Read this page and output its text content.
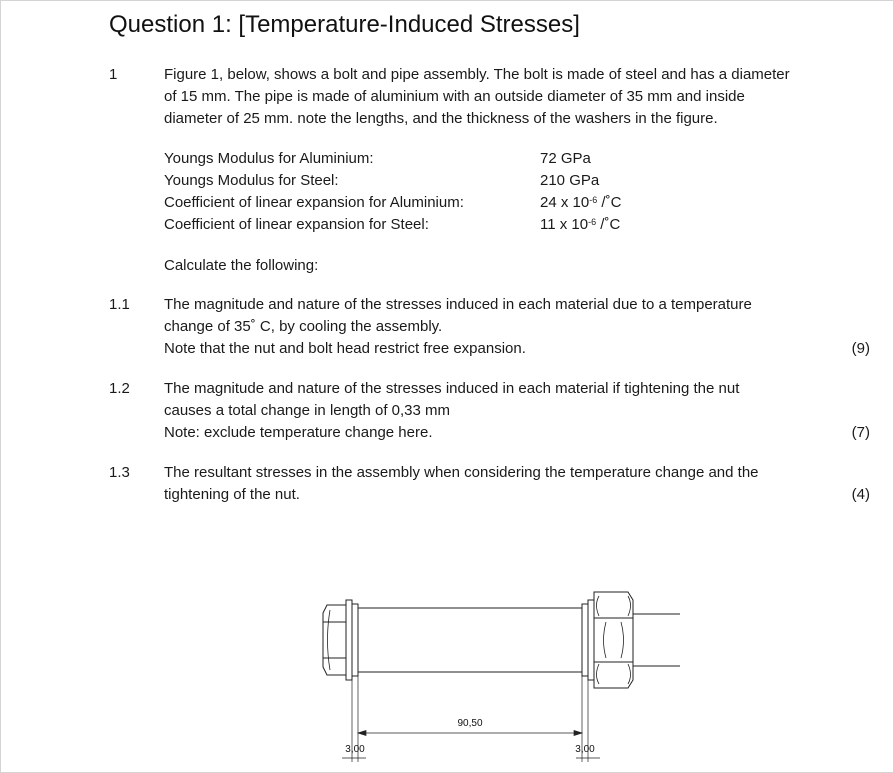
Question 1: [Temperature-Induced Stresses]
1	Figure 1, below, shows a bolt and pipe assembly. The bolt is made of steel and has a diameter
of 15 mm. The pipe is made of aluminium with an outside diameter of 35 mm and inside
diameter of 25 mm. note the lengths, and the thickness of the washers in the figure.
Youngs Modulus for Aluminium:	72 GPa
Youngs Modulus for Steel:	210 GPa
Coefficient of linear expansion for Aluminium:	24 x $10^{-6}$ /˚C
Coefficient of linear expansion for Steel:	11 x $10^{-6}$ /˚C
Calculate the following:
1.1 The magnitude and nature of the stresses induced in each material due to a temperature
change of 35˚ C, by cooling the assembly.
Note that the nut and bolt head restrict free expansion.	(9)
1.2 The magnitude and nature of the stresses induced in each material if tightening the nut
causes a total change in length of 0,33 mm
Note: exclude temperature change here.	(7)
1.3 The resultant stresses in the assembly when considering the temperature change and the
tightening of the nut.	(4)
90,50
3,00	3,00
